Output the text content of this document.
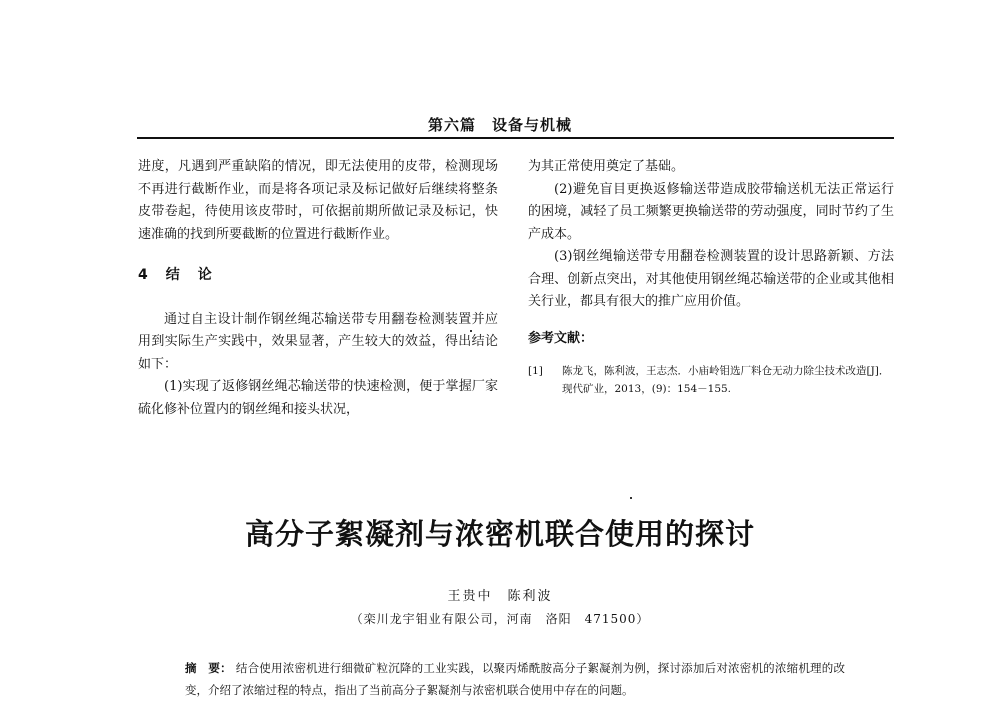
第六篇　设备与机械

进度，凡遇到严重缺陷的情况，即无法使用的皮带，检测现场不再进行截断作业，而是将各项记录及标记做好后继续将整条皮带卷起，待使用该皮带时，可依据前期所做记录及标记，快速准确的找到所要截断的位置进行截断作业。

4　结　论

通过自主设计制作钢丝绳芯输送带专用翻卷检测装置并应用到实际生产实践中，效果显著，产生较大的效益，得出结论如下：

(1)实现了返修钢丝绳芯输送带的快速检测，便于掌握厂家硫化修补位置内的钢丝绳和接头状况，

为其正常使用奠定了基础。

(2)避免盲目更换返修输送带造成胶带输送机无法正常运行的困境，减轻了员工频繁更换输送带的劳动强度，同时节约了生产成本。

(3)钢丝绳输送带专用翻卷检测装置的设计思路新颖、方法合理、创新点突出，对其他使用钢丝绳芯输送带的企业或其他相关行业，都具有很大的推广应用价值。

参考文献：
[1]	陈龙飞，陈利波，王志杰．小庙岭钼选厂料仓无动力除尘技术改造[J]．现代矿业，2013，(9)：154－155.
高分子絮凝剂与浓密机联合使用的探讨
王贵中　陈利波
（栾川龙宇钼业有限公司，河南　洛阳　471500）
摘　要： 结合使用浓密机进行细微矿粒沉降的工业实践，以聚丙烯酰胺高分子絮凝剂为例，探讨添加后对浓密机的浓缩机理的改变，介绍了浓缩过程的特点，指出了当前高分子絮凝剂与浓密机联合使用中存在的问题。
